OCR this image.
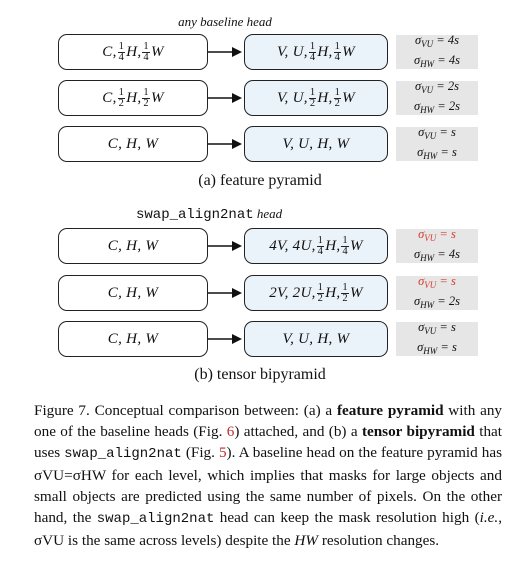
any baseline head
C, $\frac{1}{4} H$, $\frac{1}{4}$ W	V, U, $\frac{1}{4} H$, $\frac{1}{4}$ W
$\sigma_{VU} = 4s$
$\sigma_{HW} = 4s$
C, $\frac{1}{2} H$, $\frac{1}{2}$ W	V, U, $\frac{1}{2} H$, $\frac{1}{2}$ W
$\sigma_{VU} = 2s$
$\sigma_{HW} = 2s$
C, H, W	V, U, H, W
$\sigma_{VU} = s$
$\sigma_{HW} = s$
(a) feature pyramid
swap_align2nat head
C, H, W	4V, 4U, $\frac{1}{4} H$, $\frac{1}{4}$ W
$\sigma_{VU} = s$
$\sigma_{HW} = 4s$
C, H, W	2V, 2U, $\frac{1}{2} H$, $\frac{1}{2}$ W
$\sigma_{VU} = s$
$\sigma_{HW} = 2s$
C, H, W	V, U, H, W
$\sigma_{VU} = s$
$\sigma_{HW} = s$
(b) tensor bipyramid
Figure 7. Conceptual comparison between: (a) a feature pyramid with any one of the baseline heads (Fig. 6) attached, and (b) a tensor bipyramid that uses swap_align2nat (Fig. 5). A baseline head on the feature pyramid has σVU=σHW for each level, which implies that masks for large objects and small objects are predicted using the same number of pixels. On the other hand, the swap_align2nat head can keep the mask resolution high (i.e., σVU is the same across levels) despite the HW resolution changes.
